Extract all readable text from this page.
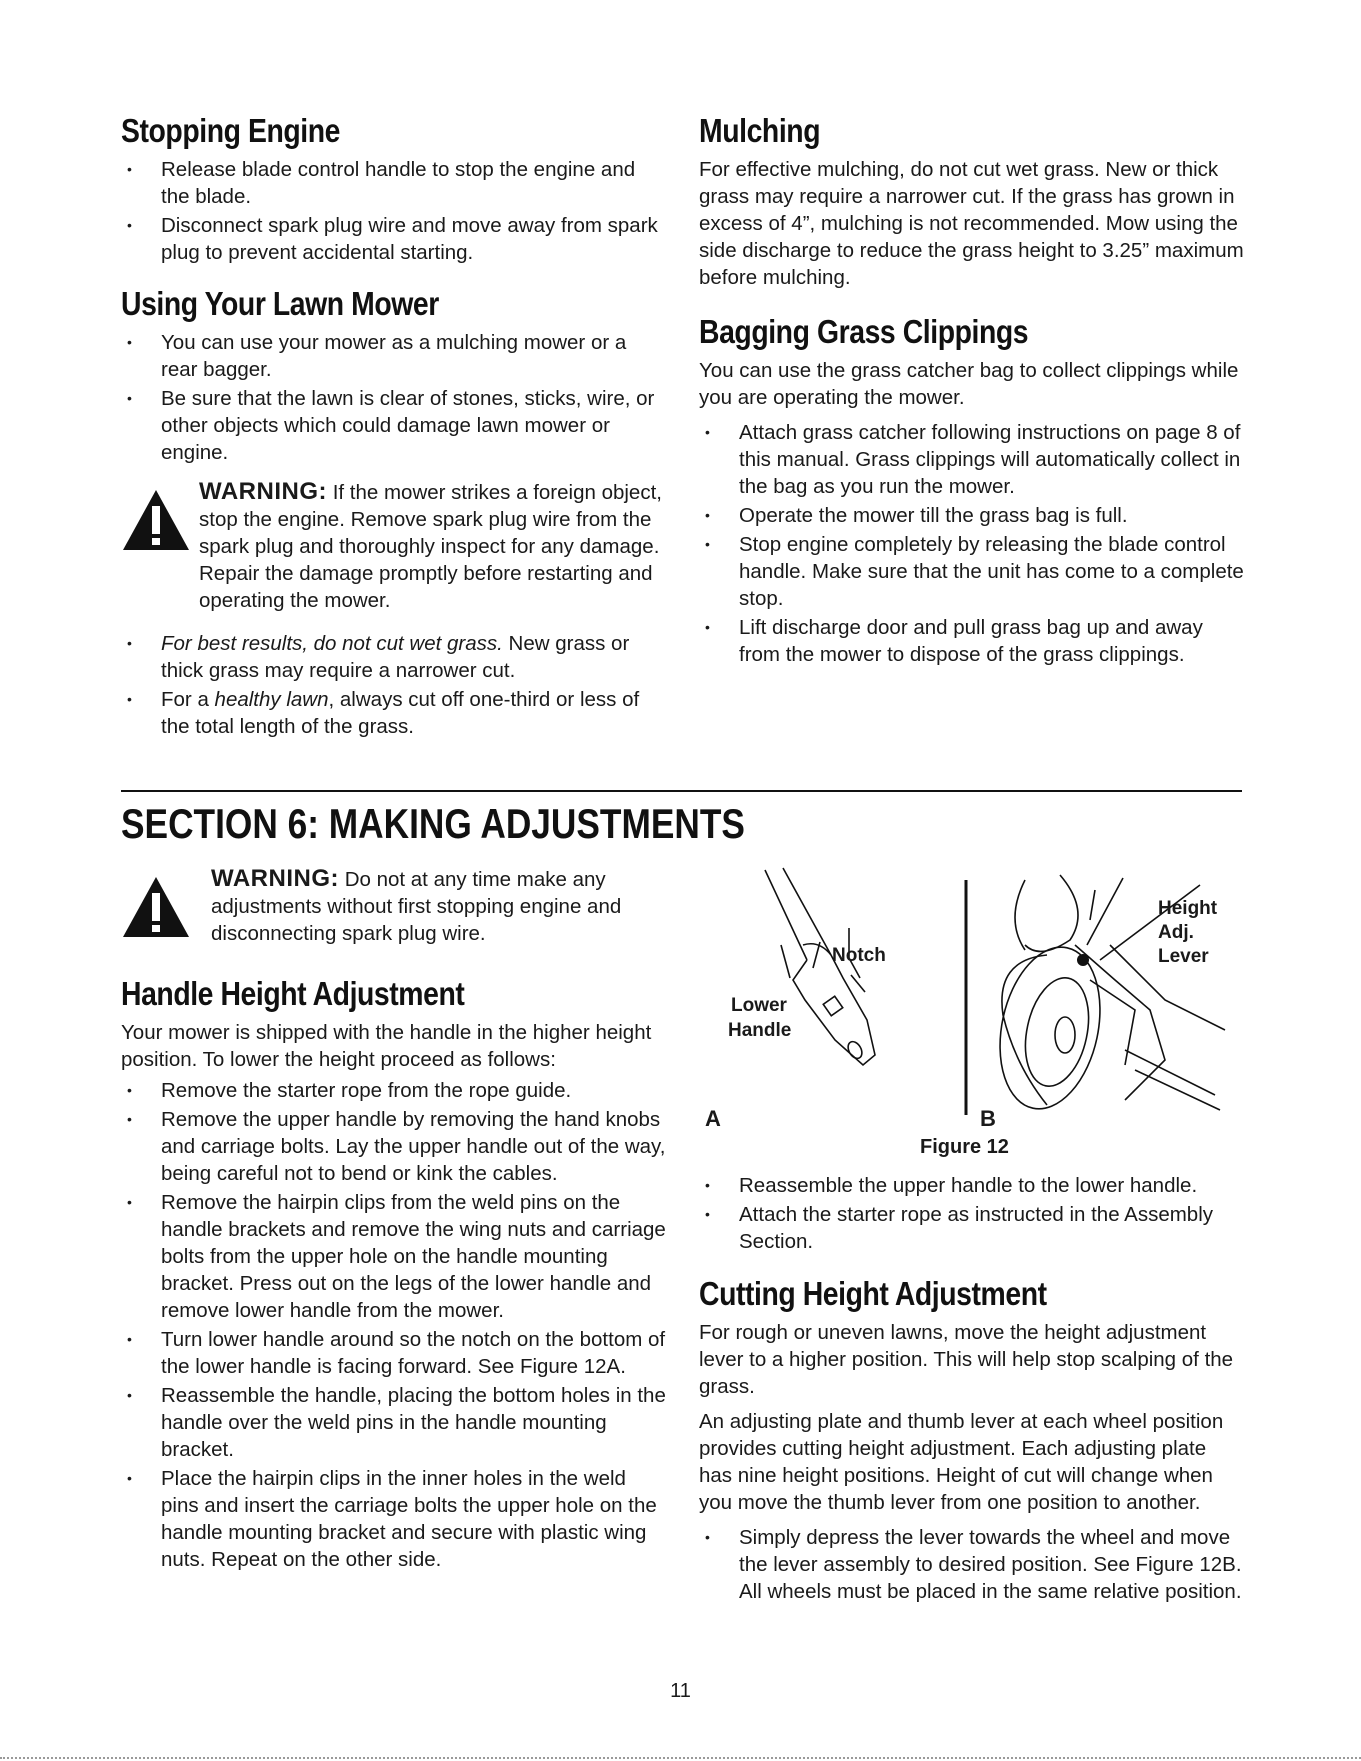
Stopping Engine
• Release blade control handle to stop the engine and the blade.
• Disconnect spark plug wire and move away from spark plug to prevent accidental starting.
Using Your Lawn Mower
• You can use your mower as a mulching mower or a rear bagger.
• Be sure that the lawn is clear of stones, sticks, wire, or other objects which could damage lawn mower or engine.

WARNING: If the mower strikes a foreign object, stop the engine. Remove spark plug wire from the spark plug and thoroughly inspect for any damage. Repair the damage promptly before restarting and operating the mower.

• For best results, do not cut wet grass. New grass or thick grass may require a narrower cut.
• For a healthy lawn, always cut off one-third or less of the total length of the grass.
Mulching

For effective mulching, do not cut wet grass. New or thick grass may require a narrower cut. If the grass has grown in excess of 4”, mulching is not recommended. Mow using the side discharge to reduce the grass height to 3.25” maximum before mulching.

Bagging Grass Clippings

You can use the grass catcher bag to collect clippings while you are operating the mower.

• Attach grass catcher following instructions on page 8 of this manual. Grass clippings will automatically collect in the bag as you run the mower.
• Operate the mower till the grass bag is full.
• Stop engine completely by releasing the blade control handle. Make sure that the unit has come to a complete stop.
• Lift discharge door and pull grass bag up and away from the mower to dispose of the grass clippings.
SECTION 6: MAKING ADJUSTMENTS

WARNING: Do not at any time make any adjustments without first stopping engine and disconnecting spark plug wire.

Handle Height Adjustment

Your mower is shipped with the handle in the higher height position. To lower the height proceed as follows:

• Remove the starter rope from the rope guide.
• Remove the upper handle by removing the hand knobs and carriage bolts. Lay the upper handle out of the way, being careful not to bend or kink the cables.
• Remove the hairpin clips from the weld pins on the handle brackets and remove the wing nuts and carriage bolts from the upper hole on the handle mounting bracket. Press out on the legs of the lower handle and remove lower handle from the mower.
• Turn lower handle around so the notch on the bottom of the lower handle is facing forward. See Figure 12A.
• Reassemble the handle, placing the bottom holes in the handle over the weld pins in the handle mounting bracket.
• Place the hairpin clips in the inner holes in the weld pins and insert the carriage bolts the upper hole on the handle mounting bracket and secure with plastic wing nuts. Repeat on the other side.
Notch
Lower
Handle
A	B
Height
Adj.
Lever
Figure 12
• Reassemble the upper handle to the lower handle.
• Attach the starter rope as instructed in the Assembly Section.
Cutting Height Adjustment

For rough or uneven lawns, move the height adjustment lever to a higher position. This will help stop scalping of the grass.

An adjusting plate and thumb lever at each wheel position provides cutting height adjustment. Each adjusting plate has nine height positions. Height of cut will change when you move the thumb lever from one position to another.

• Simply depress the lever towards the wheel and move the lever assembly to desired position. See Figure 12B. All wheels must be placed in the same relative position.
11
